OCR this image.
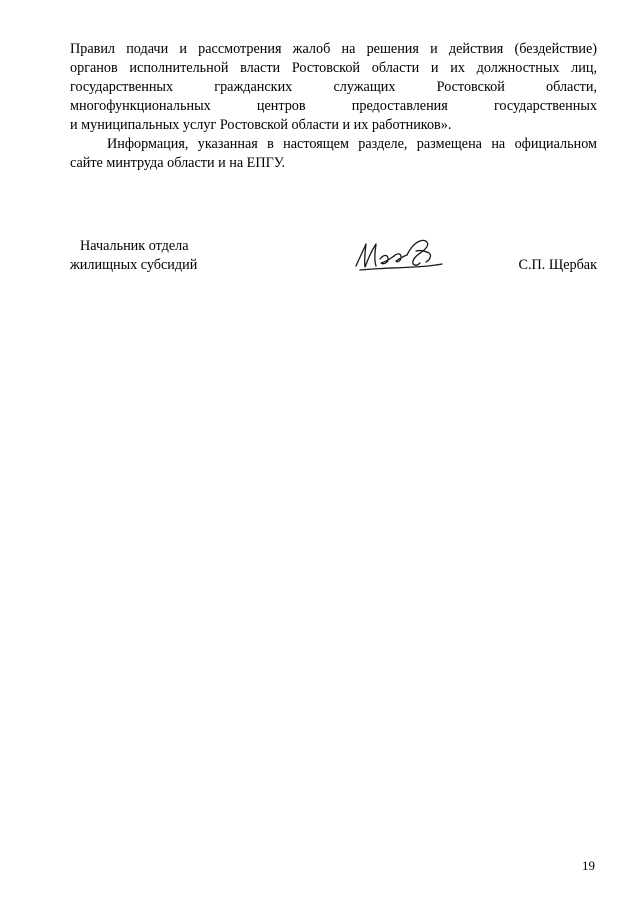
Правил подачи и рассмотрения жалоб на решения и действия (бездействие)
органов исполнительной власти Ростовской области и их должностных лиц,
государственных гражданских служащих Ростовской области,
многофункциональных центров предоставления государственных
и муниципальных услуг Ростовской области и их работников».
Информация, указанная в настоящем разделе, размещена на официальном
сайте минтруда области и на ЕПГУ.
Начальник отдела
жилищных субсидий	С.П. Щербак
19
